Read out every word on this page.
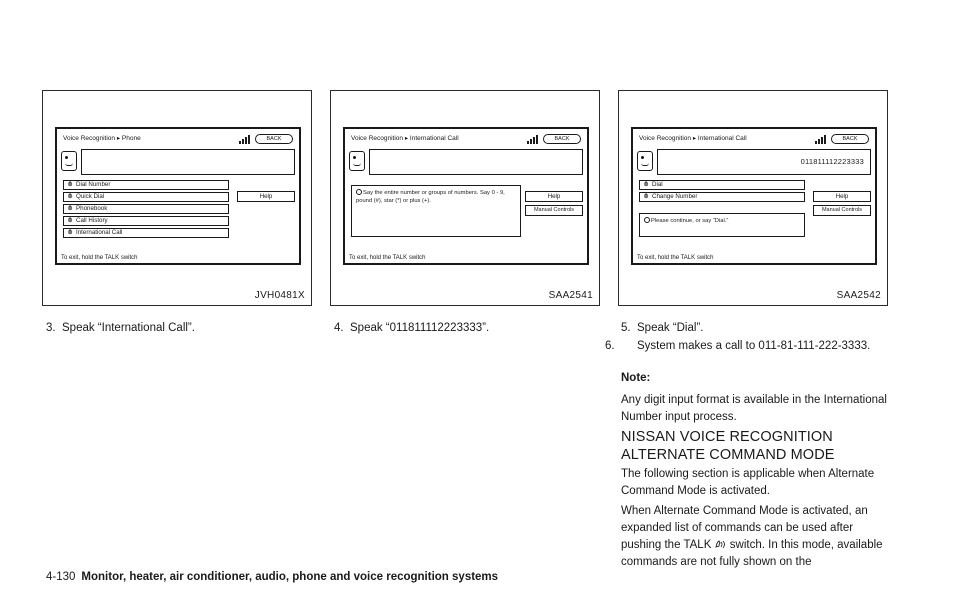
Voice Recognition ▸ Phone	BACK
⨶ Dial Number
⨶ Quick Dial
⨶ Phonebook
⨶ Call History
⨶ International Call
Help
To exit, hold the TALK switch
JVH0481X
Voice Recognition ▸ International Call	BACK
Say the entire number or groups of numbers. Say 0 - 9, pound (#), star (*) or plus (+).
Help
Manual Controls
To exit, hold the TALK switch
SAA2541
Voice Recognition ▸ International Call	BACK
011811112223333
⨶ Dial
⨶ Change Number
Please continue, or say “Dial.”
Help
Manual Controls
To exit, hold the TALK switch
SAA2542
3. Speak “International Call”.	4. Speak “011811112223333”.	5. Speak “Dial”.
6. System makes a call to 011-81-111-222-3333.
Note:
Any digit input format is available in the International Number input process.
NISSAN VOICE RECOGNITION ALTERNATE COMMAND MODE
The following section is applicable when Alternate Command Mode is activated.
When Alternate Command Mode is activated, an expanded list of commands can be used after pushing the TALK switch. In this mode, available commands are not fully shown on the
4-130 Monitor, heater, air conditioner, audio, phone and voice recognition systems
